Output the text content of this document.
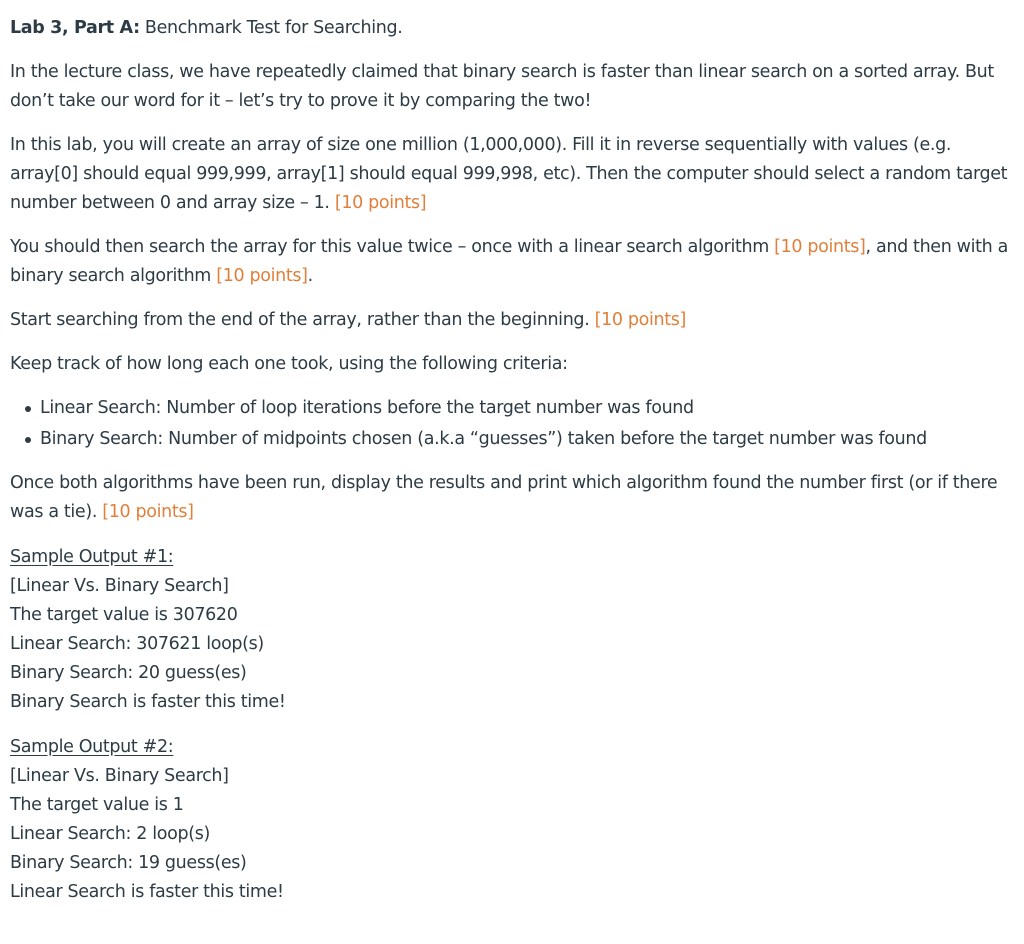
Lab 3, Part A: Benchmark Test for Searching.
In the lecture class, we have repeatedly claimed that binary search is faster than linear search on a sorted array. But don’t take our word for it – let’s try to prove it by comparing the two!
In this lab, you will create an array of size one million (1,000,000). Fill it in reverse sequentially with values (e.g. array[0] should equal 999,999, array[1] should equal 999,998, etc). Then the computer should select a random target number between 0 and array size – 1. [10 points]
You should then search the array for this value twice – once with a linear search algorithm [10 points], and then with a binary search algorithm [10 points].
Start searching from the end of the array, rather than the beginning. [10 points]
Keep track of how long each one took, using the following criteria:
Linear Search: Number of loop iterations before the target number was found
Binary Search: Number of midpoints chosen (a.k.a “guesses”) taken before the target number was found
Once both algorithms have been run, display the results and print which algorithm found the number first (or if there was a tie). [10 points]
Sample Output #1:
[Linear Vs. Binary Search]
The target value is 307620
Linear Search: 307621 loop(s)
Binary Search: 20 guess(es)
Binary Search is faster this time!
Sample Output #2:
[Linear Vs. Binary Search]
The target value is 1
Linear Search: 2 loop(s)
Binary Search: 19 guess(es)
Linear Search is faster this time!
